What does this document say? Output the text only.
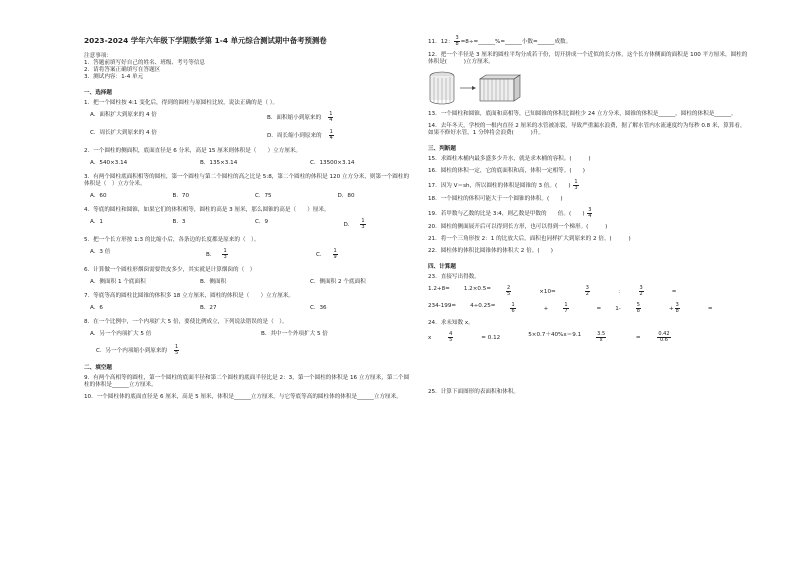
2023-2024 学年六年级下学期数学第 1-4 单元综合测试期中备考预测卷
注意事项：
1．答题前填写好自己的姓名、班级、考号等信息
2．请将答案正确填写在答题区
3．测试内容：1-4 单元
一、选择题
1．把一个圆柱按 4:1 变化后，得到的圆柱与原圆柱比较，说法正确的是（ ）。
A．面积扩大到原来的 4 倍	B．面积缩小到原来的 $\frac{1}{4}$
C．周长扩大到原来的 4 倍	D．周长缩小到原来的 $\frac{1}{4}$
2．一个圆柱的侧面积，底面直径是 6 分米，高是 15 厘米则体积是（　　）立方厘米。
A．540×3.14	B．135×3.14	C．13500×3.14
3．有两个圆柱底面积相等的圆柱，第一个圆柱与第二个圆柱的高之比是 5:8，第二个圆柱的体积是 120 立方分米，则第一个圆柱的体积是（　）立方分米。
A．60	B．70	C．75	D．80
4．等底的圆柱和圆锥，如果它们的体积相等，圆柱的高是 3 厘米，那么圆锥的高是（　　）厘米。
A．1	B．3	C．9	D． $\frac{1}{3}$
5．把一个长方形按 1:3 的比缩小后，各条边的长度都是原来的（　）。
A．3 倍	B． $\frac{1}{3}$	C． $\frac{1}{9}$
6．计算做一个圆柱形烟囱需要铁皮多少，其实就是计算烟囱的（　）
A．侧面积 1 个底面积	B．侧面积	C．侧面积 2 个底面积
7．等底等高的圆柱比圆锥的体积多 18 立方厘米，圆柱的体积是（　　）立方厘米。
A．6	B．27	C．36
8．在一个比例中，一个内项扩大 5 倍，要使比例成立，下列说法错误的是（　）。
A．另一个内项扩大 5 倍	B．其中一个外项扩大 5 倍
C．另一个内项缩小到原来的 $\frac{1}{5}$
二、填空题
9．有两个高相等的圆柱，第一个圆柱的底面半径和第二个圆柱的底面半径比是 2：3，第一个圆柱的体积是 16 立方厘米，第二个圆柱的体积是______立方厘米。
10．一个圆柱体的底面直径是 6 厘米，高是 5 厘米，体积是______立方厘米，与它等底等高的圆柱体的体积是______立方厘米。
11．12： $\frac{3}{8}$ =8÷=______%=______小数=______成数。
12．把一个半径是 3 厘米的圆柱平均分成若干份，切开拼成一个近似的长方体，这个长方体侧面的面积是 100 平方厘米，圆柱的体积是(　　　)立方厘米。
13．一个圆柱和圆锥，底面和高相等，已知圆锥的体积比圆柱少 24 立方分米，圆锥的体积是______，圆柱的体积是______。
14．去年冬天，学校的一根内直径 2 厘米的水管被冻裂，导致严重漏水浪费，据了解水管内水流速度约为每秒 0.8 米，算算看，如果不修好水管，1 分钟将会浪费(　　　)升。
三、判断题
15．求圆柱木桶内最多盛多少升水，就是求木桶的容积。(　　　)
16．圆柱的体积一定，它的底面积和高，体积一定相等。(　　)
17．因为 V＝sh，所以圆柱的体积是圆锥的 3 倍。(　　) $\frac{1}{3}$
18．一个圆柱的体积可能大于一个圆锥的体积。(　　)
19．若甲数与乙数的比是 3:4，则乙数是甲数的　　倍。(　　) $\frac{3}{4}$
20．圆柱的侧面展开后可以得到长方形，也可以得到一个梯形。(　　　)
21．将一个三角形按 2：1 的比放大后，面积也同样扩大到原来的 2 倍。(　　　)
22．圆柱体的体积比圆锥体的体积大 2 倍。(　　)
四、计算题
23．直接写出得数。
1.2+8=	1.2×0.5=	$\frac{2}{5}$	×10=	$\frac{3}{2}$	：	$\frac{3}{2}$	=
234-199=	4÷0.25=	$\frac{1}{6}$	+	$\frac{1}{7}$	=	1-	$\frac{5}{8}$	+ $\frac{3}{8}$	=
24．求未知数 x。
x	$\frac{4}{5}$	= 0.12	5×0.7＋40%x＝9.1	$\frac{3.5}{x}$	=	$\frac{0.42}{0.6}$
25．计算下面图形的表面积和体积。
